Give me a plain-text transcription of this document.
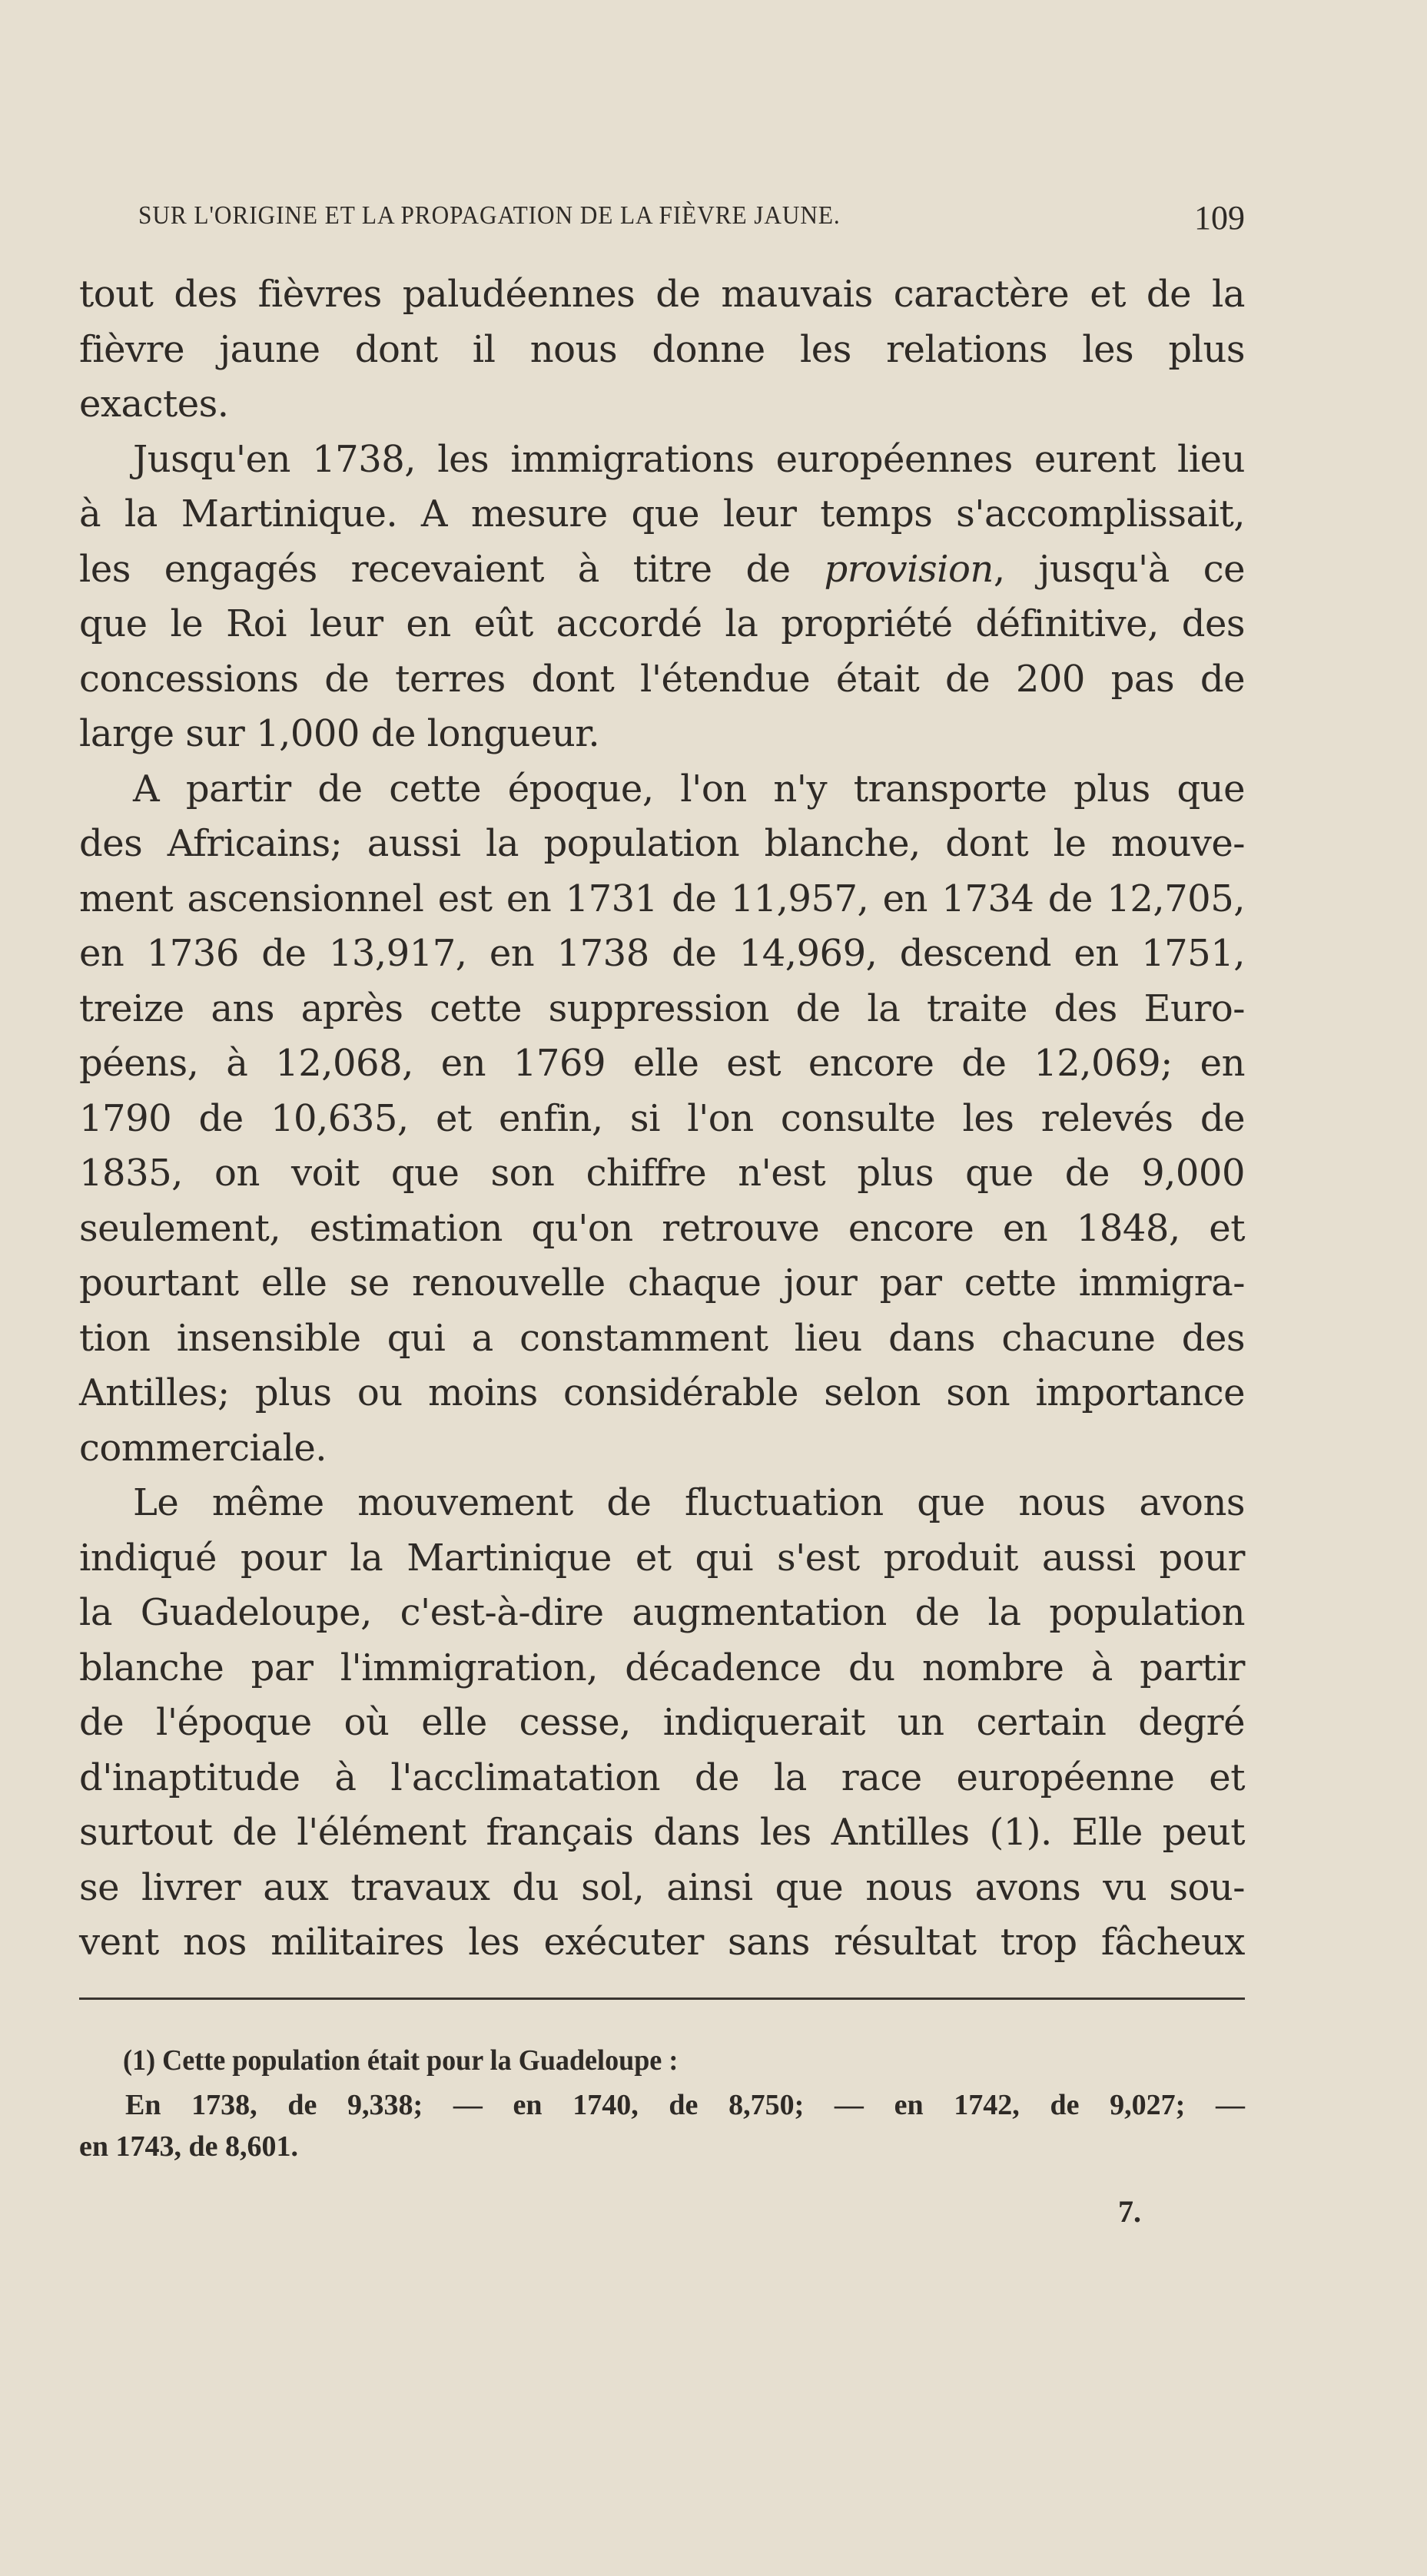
SUR L'ORIGINE ET LA PROPAGATION DE LA FIÈVRE JAUNE.	109
tout des fièvres paludéennes de mauvais caractère et de la
fièvre jaune dont il nous donne les relations les plus
exactes.
Jusqu'en 1738, les immigrations européennes eurent lieu
à la Martinique. A mesure que leur temps s'accomplissait,
les engagés recevaient à titre de provision, jusqu'à ce
que le Roi leur en eût accordé la propriété définitive, des
concessions de terres dont l'étendue était de 200 pas de
large sur 1,000 de longueur.
A partir de cette époque, l'on n'y transporte plus que
des Africains; aussi la population blanche, dont le mouve-
ment ascensionnel est en 1731 de 11,957, en 1734 de 12,705,
en 1736 de 13,917, en 1738 de 14,969, descend en 1751,
treize ans après cette suppression de la traite des Euro-
péens, à 12,068, en 1769 elle est encore de 12,069; en
1790 de 10,635, et enfin, si l'on consulte les relevés de
1835, on voit que son chiffre n'est plus que de 9,000
seulement, estimation qu'on retrouve encore en 1848, et
pourtant elle se renouvelle chaque jour par cette immigra-
tion insensible qui a constamment lieu dans chacune des
Antilles; plus ou moins considérable selon son importance
commerciale.
Le même mouvement de fluctuation que nous avons
indiqué pour la Martinique et qui s'est produit aussi pour
la Guadeloupe, c'est-à-dire augmentation de la population
blanche par l'immigration, décadence du nombre à partir
de l'époque où elle cesse, indiquerait un certain degré
d'inaptitude à l'acclimatation de la race européenne et
surtout de l'élément français dans les Antilles (1). Elle peut
se livrer aux travaux du sol, ainsi que nous avons vu sou-
vent nos militaires les exécuter sans résultat trop fâcheux
(1) Cette population était pour la Guadeloupe :
En 1738, de 9,338; — en 1740, de 8,750; — en 1742, de 9,027; —
en 1743, de 8,601.
7.
